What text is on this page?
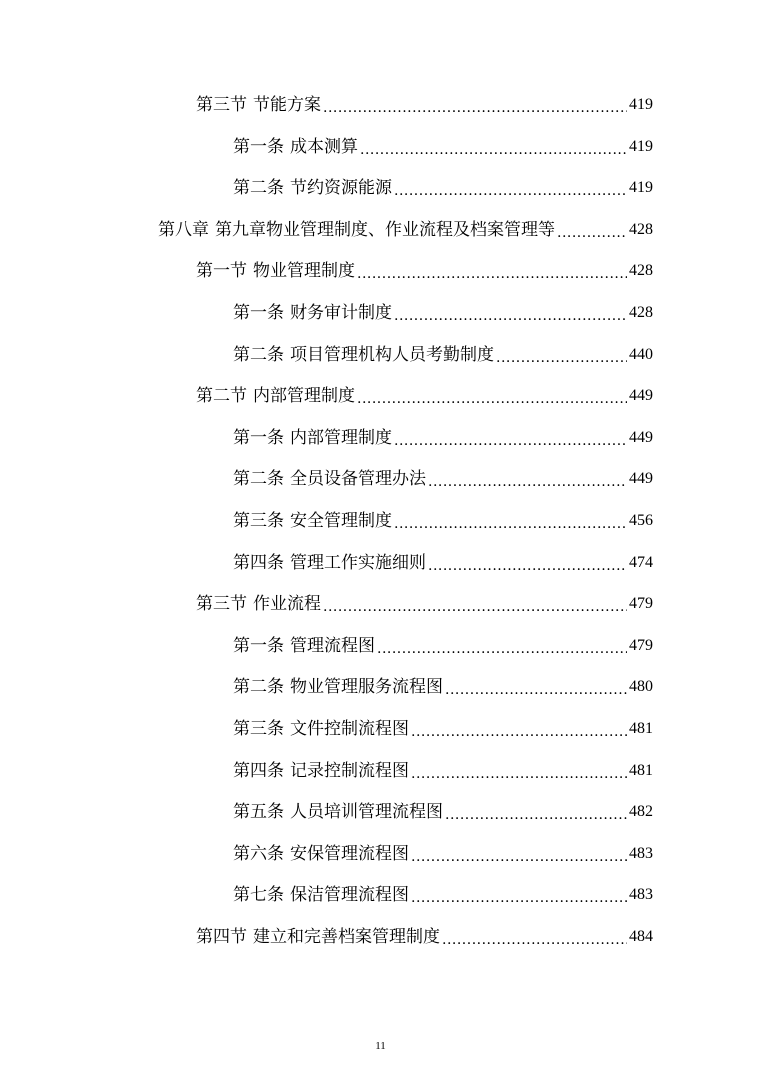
第三节 节能方案 .....	419
第一条 成本测算 .....	419
第二条 节约资源能源 .....	419
第八章 第九章物业管理制度、作业流程及档案管理等 .....	428
第一节 物业管理制度 .....	428
第一条 财务审计制度 .....	428
第二条 项目管理机构人员考勤制度 .....	440
第二节 内部管理制度 .....	449
第一条 内部管理制度 .....	449
第二条 全员设备管理办法 .....	449
第三条 安全管理制度 .....	456
第四条 管理工作实施细则 .....	474
第三节 作业流程 .....	479
第一条 管理流程图 .....	479
第二条 物业管理服务流程图 .....	480
第三条 文件控制流程图 .....	481
第四条 记录控制流程图 .....	481
第五条 人员培训管理流程图 .....	482
第六条 安保管理流程图 .....	483
第七条 保洁管理流程图 .....	483
第四节 建立和完善档案管理制度 .....	484
11
